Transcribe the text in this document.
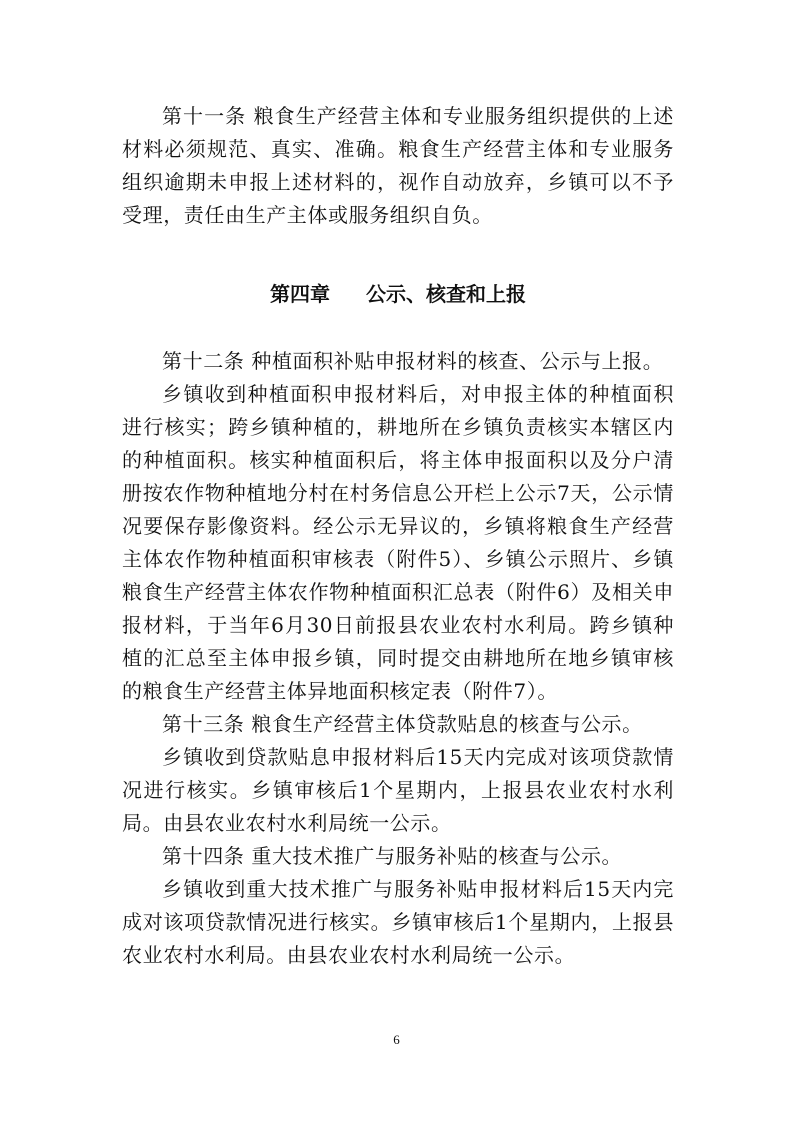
第十一条 粮食生产经营主体和专业服务组织提供的上述材料必须规范、真实、准确。粮食生产经营主体和专业服务组织逾期未申报上述材料的，视作自动放弃，乡镇可以不予受理，责任由生产主体或服务组织自负。

第四章 公示、核查和上报

第十二条 种植面积补贴申报材料的核查、公示与上报。

乡镇收到种植面积申报材料后，对申报主体的种植面积进行核实；跨乡镇种植的，耕地所在乡镇负责核实本辖区内的种植面积。核实种植面积后，将主体申报面积以及分户清册按农作物种植地分村在村务信息公开栏上公示7天，公示情况要保存影像资料。经公示无异议的，乡镇将粮食生产经营主体农作物种植面积审核表（附件5）、乡镇公示照片、乡镇粮食生产经营主体农作物种植面积汇总表（附件6）及相关申报材料，于当年6月30日前报县农业农村水利局。跨乡镇种植的汇总至主体申报乡镇，同时提交由耕地所在地乡镇审核的粮食生产经营主体异地面积核定表（附件7）。

第十三条 粮食生产经营主体贷款贴息的核查与公示。

乡镇收到贷款贴息申报材料后15天内完成对该项贷款情况进行核实。乡镇审核后1个星期内，上报县农业农村水利局。由县农业农村水利局统一公示。

第十四条 重大技术推广与服务补贴的核查与公示。

乡镇收到重大技术推广与服务补贴申报材料后15天内完成对该项贷款情况进行核实。乡镇审核后1个星期内，上报县农业农村水利局。由县农业农村水利局统一公示。

6
